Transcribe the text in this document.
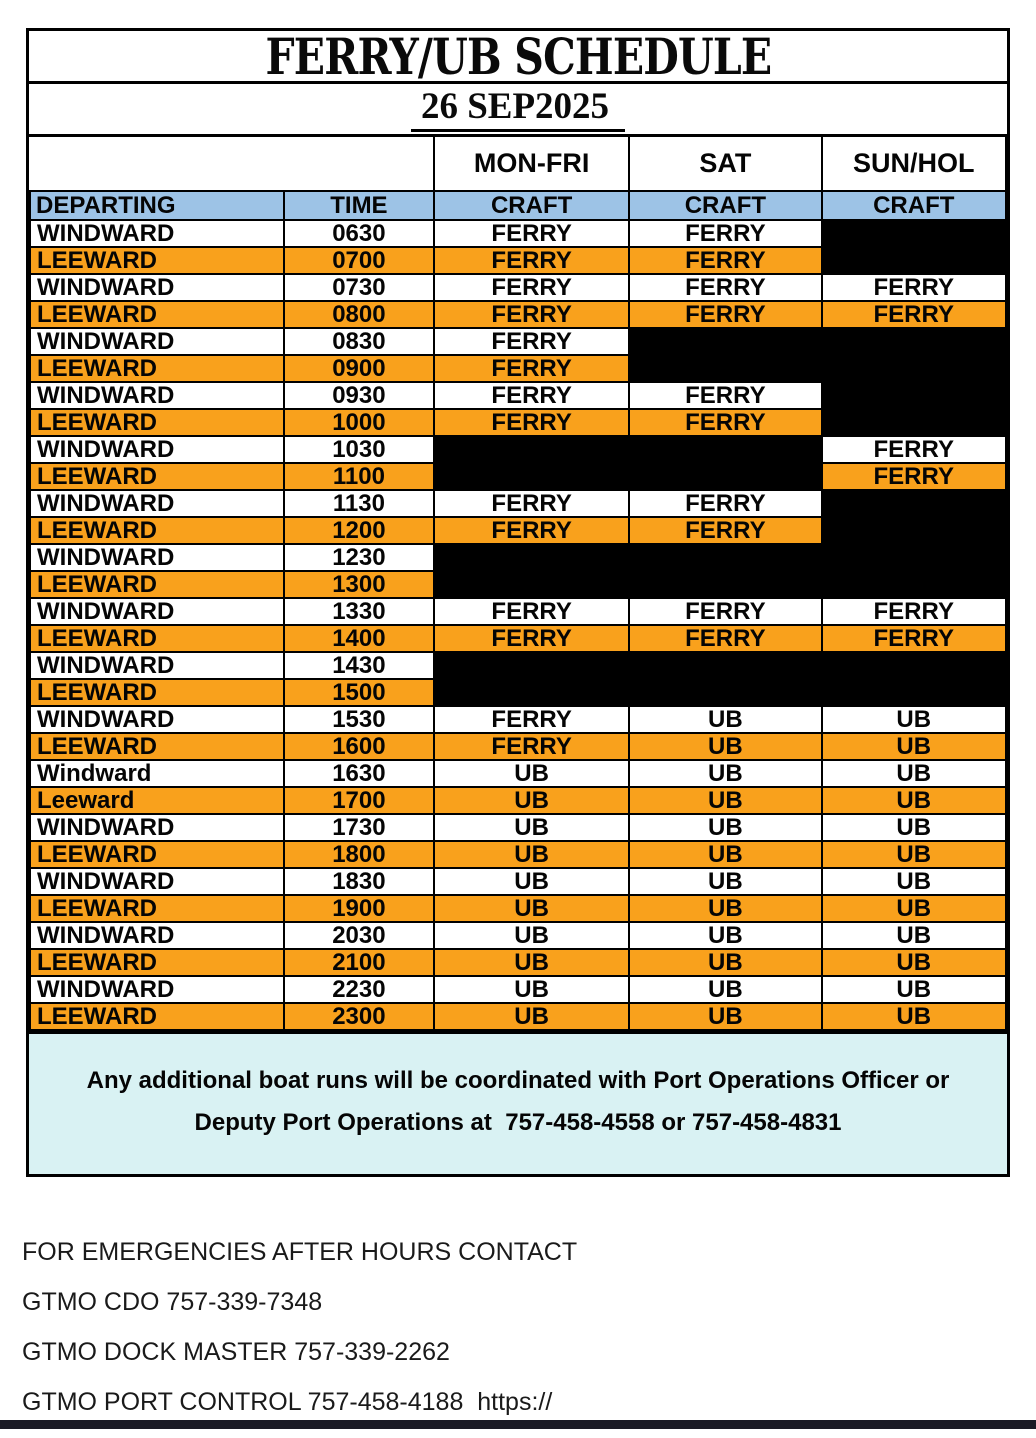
FERRY/UB SCHEDULE
26 SEP2025
		MON-FRI	SAT	SUN/HOL
DEPARTING	TIME	CRAFT	CRAFT	CRAFT
WINDWARD	0630	FERRY	FERRY	
LEEWARD	0700	FERRY	FERRY	
WINDWARD	0730	FERRY	FERRY	FERRY
LEEWARD	0800	FERRY	FERRY	FERRY
WINDWARD	0830	FERRY		
LEEWARD	0900	FERRY		
WINDWARD	0930	FERRY	FERRY	
LEEWARD	1000	FERRY	FERRY	
WINDWARD	1030			FERRY
LEEWARD	1100			FERRY
WINDWARD	1130	FERRY	FERRY	
LEEWARD	1200	FERRY	FERRY	
WINDWARD	1230			
LEEWARD	1300			
WINDWARD	1330	FERRY	FERRY	FERRY
LEEWARD	1400	FERRY	FERRY	FERRY
WINDWARD	1430			
LEEWARD	1500			
WINDWARD	1530	FERRY	UB	UB
LEEWARD	1600	FERRY	UB	UB
Windward	1630	UB	UB	UB
Leeward	1700	UB	UB	UB
WINDWARD	1730	UB	UB	UB
LEEWARD	1800	UB	UB	UB
WINDWARD	1830	UB	UB	UB
LEEWARD	1900	UB	UB	UB
WINDWARD	2030	UB	UB	UB
LEEWARD	2100	UB	UB	UB
WINDWARD	2230	UB	UB	UB
LEEWARD	2300	UB	UB	UB
Any additional boat runs will be coordinated with Port Operations Officer or
Deputy Port Operations at  757-458-4558 or 757-458-4831
FOR EMERGENCIES AFTER HOURS CONTACT
GTMO CDO 757-339-7348
GTMO DOCK MASTER 757-339-2262
GTMO PORT CONTROL 757-458-4188  https://
